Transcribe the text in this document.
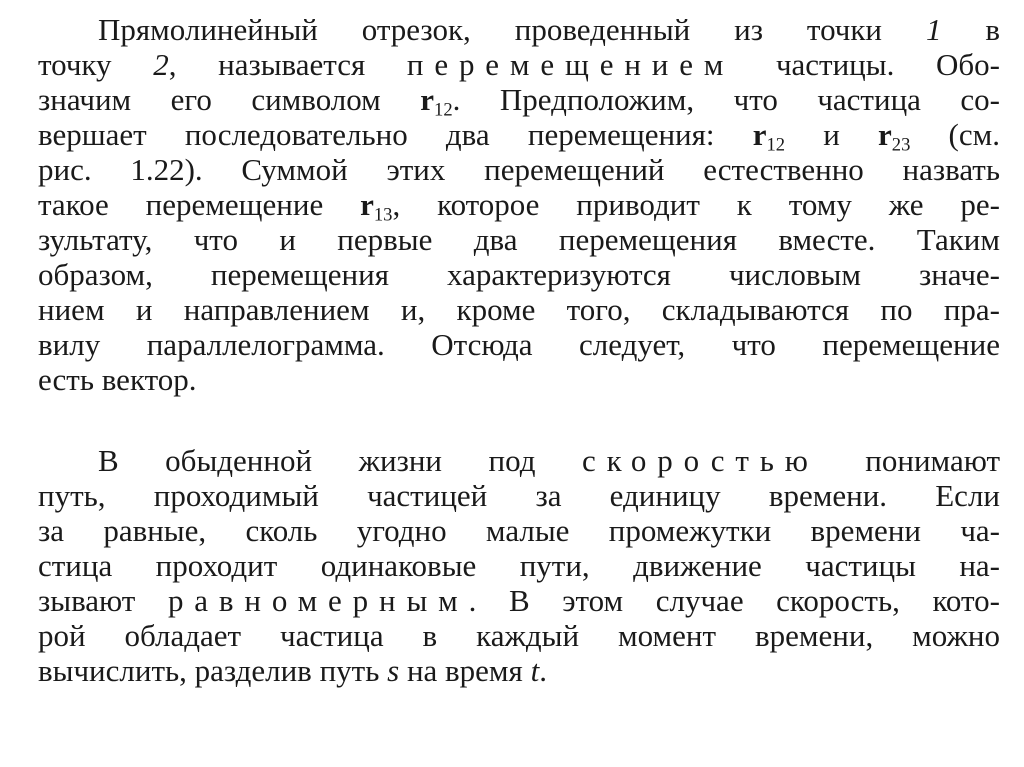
Прямолинейный отрезок, проведенный из точки 1 в
точку 2, называется перемещением частицы. Обо-
значим его символом $r_{12}$. Предположим, что частица со-
вершает последовательно два перемещения: $r_{12}$ и $r_{23}$ (см.
рис. 1.22). Суммой этих перемещений естественно назвать
такое перемещение $r_{13}$, которое приводит к тому же ре-
зультату, что и первые два перемещения вместе. Таким
образом, перемещения характеризуются числовым значе-
нием и направлением и, кроме того, складываются по пра-
вилу параллелограмма. Отсюда следует, что перемещение
есть вектор.
В обыденной жизни под скоростью понимают
путь, проходимый частицей за единицу времени. Если
за равные, сколь угодно малые промежутки времени ча-
стица проходит одинаковые пути, движение частицы на-
зывают равномерным. В этом случае скорость, кото-
рой обладает частица в каждый момент времени, можно
вычислить, разделив путь s на время t.
